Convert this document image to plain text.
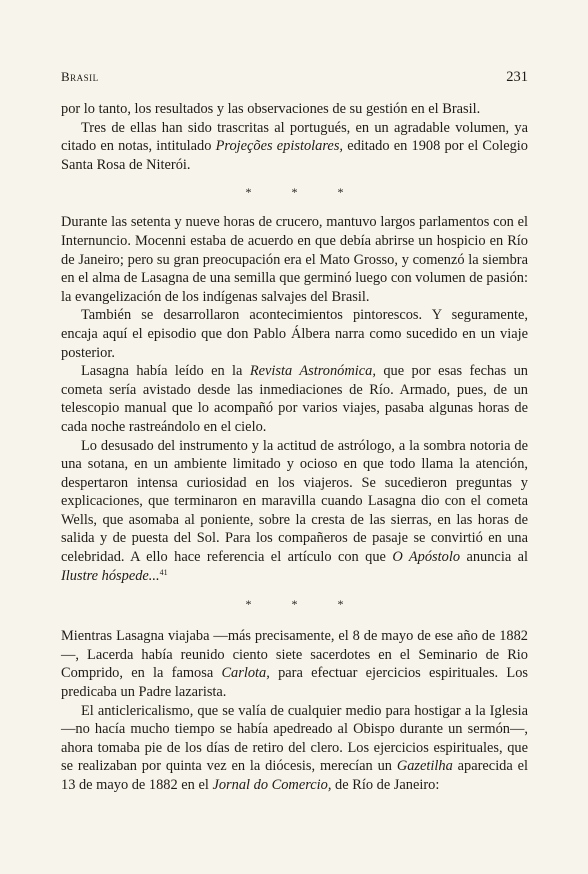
Brasil	231

por lo tanto, los resultados y las observaciones de su gestión en el Brasil.

Tres de ellas han sido trascritas al portugués, en un agradable volumen, ya citado en notas, intitulado Projeções epistolares, editado en 1908 por el Colegio Santa Rosa de Niterói.

*	*	*

Durante las setenta y nueve horas de crucero, mantuvo largos parlamentos con el Internuncio. Mocenni estaba de acuerdo en que debía abrirse un hospicio en Río de Janeiro; pero su gran preocupación era el Mato Grosso, y comenzó la siembra en el alma de Lasagna de una semilla que germinó luego con volumen de pasión: la evangelización de los indígenas salvajes del Brasil.

También se desarrollaron acontecimientos pintorescos. Y seguramente, encaja aquí el episodio que don Pablo Álbera narra como sucedido en un viaje posterior.

Lasagna había leído en la Revista Astronómica, que por esas fechas un cometa sería avistado desde las inmediaciones de Río. Armado, pues, de un telescopio manual que lo acompañó por varios viajes, pasaba algunas horas de cada noche rastreándolo en el cielo.

Lo desusado del instrumento y la actitud de astrólogo, a la sombra notoria de una sotana, en un ambiente limitado y ocioso en que todo llama la atención, despertaron intensa curiosidad en los viajeros. Se sucedieron preguntas y explicaciones, que terminaron en maravilla cuando Lasagna dio con el cometa Wells, que asomaba al poniente, sobre la cresta de las sierras, en las horas de salida y de puesta del Sol. Para los compañeros de pasaje se convirtió en una celebridad. A ello hace referencia el artículo con que O Apóstolo anuncia al Ilustre hóspede...$^{41}$

*	*	*

Mientras Lasagna viajaba —más precisamente, el 8 de mayo de ese año de 1882—, Lacerda había reunido ciento siete sacerdotes en el Seminario de Rio Comprido, en la famosa Carlota, para efectuar ejercicios espirituales. Los predicaba un Padre lazarista.

El anticlericalismo, que se valía de cualquier medio para hostigar a la Iglesia —no hacía mucho tiempo se había apedreado al Obispo durante un sermón—, ahora tomaba pie de los días de retiro del clero. Los ejercicios espirituales, que se realizaban por quinta vez en la diócesis, merecían un Gazetilha aparecida el 13 de mayo de 1882 en el Jornal do Comercio, de Río de Janeiro:
